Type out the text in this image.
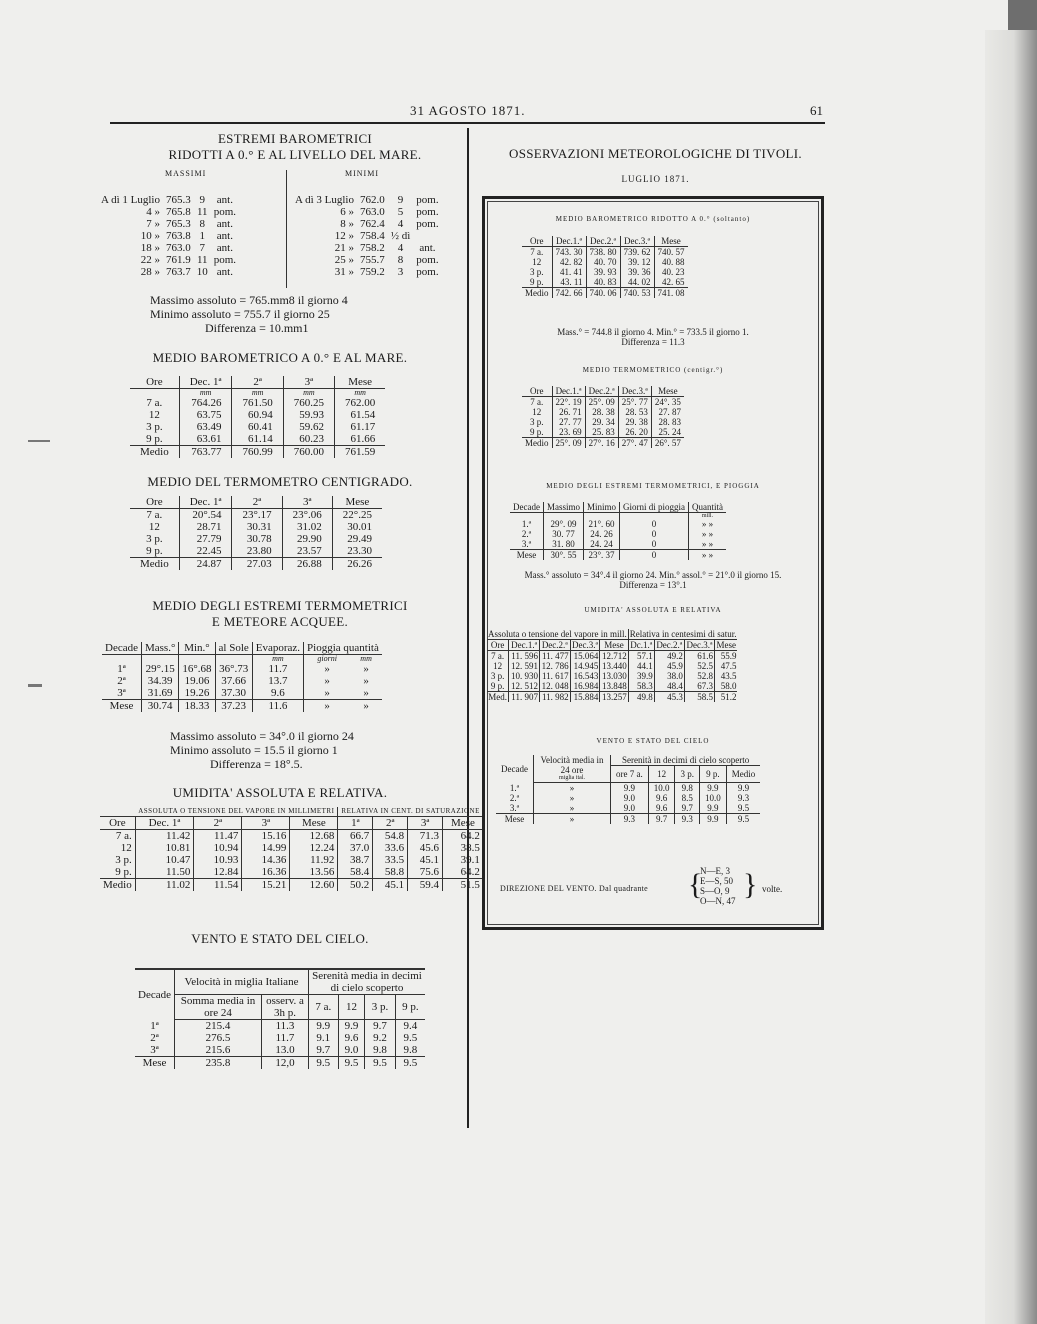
31 AGOSTO 1871.	61
ESTREMI BAROMETRICI
RIDOTTI A 0.° E AL LIVELLO DEL MARE.
MASSIMI	MINIMI
A dì 1 Luglio	765.3	9	ant.
4 »	765.8	11	pom.
7 »	765.3	8	ant.
10 »	763.8	1	ant.
18 »	763.0	7	ant.
22 »	761.9	11	pom.
28 »	763.7	10	ant.
A dì 3 Luglio	762.0	9	pom.
6 »	763.0	5	pom.
8 »	762.4	4	pom.
12 »	758.4	½ dì	
21 »	758.2	4	ant.
25 »	755.7	8	pom.
31 »	759.2	3	pom.
Massimo assoluto = 765.mm8 il giorno 4
Minimo assoluto = 755.7 il giorno 25
Differenza = 10.mm1
MEDIO BAROMETRICO A 0.° E AL MARE.
Ore	Dec. 1ª	2ª	3ª	Mese
	mm	mm	mm	mm
7 a.	764.26	761.50	760.25	762.00
12	63.75	60.94	59.93	61.54
3 p.	63.49	60.41	59.62	61.17
9 p.	63.61	61.14	60.23	61.66
Medio	763.77	760.99	760.00	761.59
MEDIO DEL TERMOMETRO CENTIGRADO.
Ore	Dec. 1ª	2ª	3ª	Mese
7 a.	20°.54	23°.17	23°.06	22°.25
12	28.71	30.31	31.02	30.01
3 p.	27.79	30.78	29.90	29.49
9 p.	22.45	23.80	23.57	23.30
Medio	24.87	27.03	26.88	26.26
MEDIO DEGLI ESTREMI TERMOMETRICI
E METEORE ACQUEE.
Decade	Mass.°	Min.°	al Sole	Evaporaz.	Pioggia quantità	
				mm	giorni	mm
1ª	29°.15	16°.68	36°.73	11.7	»	»
2ª	34.39	19.06	37.66	13.7	»	»
3ª	31.69	19.26	37.30	9.6	»	»
Mese	30.74	18.33	37.23	11.6	»	»
Massimo assoluto = 34°.0 il giorno 24
Minimo assoluto = 15.5 il giorno 1
Differenza = 18°.5.
UMIDITA' ASSOLUTA E RELATIVA.
	ASSOLUTA O TENSIONE DEL VAPORE IN MILLIMETRI				RELATIVA IN CENT. DI SATURAZIONE			
Ore	Dec. 1ª	2ª	3ª	Mese	1ª	2ª	3ª	Mese
7 a.	11.42	11.47	15.16	12.68	66.7	54.8	71.3	64.2
12	10.81	10.94	14.99	12.24	37.0	33.6	45.6	38.5
3 p.	10.47	10.93	14.36	11.92	38.7	33.5	45.1	39.1
9 p.	11.50	12.84	16.36	13.56	58.4	58.8	75.6	64.2
Medio	11.02	11.54	15.21	12.60	50.2	45.1	59.4	51.5
VENTO E STATO DEL CIELO.
Decade	Velocità in miglia Italiane		Serenità media in decimi di cielo scoperto			
	Somma media in ore 24	osserv. a 3h p.	7 a.	12	3 p.	9 p.

1ª	215.4	11.3	9.9	9.9	9.7	9.4
2ª	276.5	11.7	9.1	9.6	9.2	9.5
3ª	215.6	13.0	9.7	9.0	9.8	9.8
Mese	235.8	12,0	9.5	9.5	9.5	9.5
OSSERVAZIONI METEOROLOGICHE DI TIVOLI.
LUGLIO 1871.
MEDIO BAROMETRICO RIDOTTO A 0.° (soltanto)
Ore	Dec.1.ª	Dec.2.ª	Dec.3.ª	Mese
7 a.	743. 30	738. 80	739. 62	740. 57
12	42. 82	40. 70	39. 12	40. 88
3 p.	41. 41	39. 93	39. 36	40. 23
9 p.	43. 11	40. 83	44. 02	42. 65
Medio	742. 66	740. 06	740. 53	741. 08
Mass.° = 744.8 il giorno 4. Min.° = 733.5 il giorno 1.
Differenza = 11.3
MEDIO TERMOMETRICO (centigr.°)
Ore	Dec.1.ª	Dec.2.ª	Dec.3.ª	Mese
7 a.	22°. 19	25°. 09	25°. 77	24°. 35
12	26. 71	28. 38	28. 53	27. 87
3 p.	27. 77	29. 34	29. 38	28. 83
9 p.	23. 69	25. 83	26. 20	25. 24
Medio	25°. 09	27°. 16	27°. 47	26°. 57
MEDIO DEGLI ESTREMI TERMOMETRICI, E PIOGGIA
Decade	Massimo	Minimo	Giorni di pioggia	Quantità
				mill.
1.ª	29°. 09	21°. 60	0	» »
2.ª	30. 77	24. 26	0	» »
3.ª	31. 80	24. 24	0	» »
Mese	30°. 55	23°. 37	0	» »
Mass.° assoluto = 34°.4 il giorno 24. Min.° assol.° = 21°.0 il giorno 15.
Differenza = 13°.1
UMIDITA' ASSOLUTA E RELATIVA
Assoluta o tensione del vapore in mill.					Relativa in centesimi di satur.			
Ore	Dec.1.ª	Dec.2.ª	Dec.3.ª	Mese	Dc.1.ª	Dec.2.ª	Dec.3.ª	Mese
7 a.	11. 596	11. 477	15.064	12.712	57.1	49.2	61.6	55.9
12	12. 591	12. 786	14.945	13.440	44.1	45.9	52.5	47.5
3 p.	10. 930	11. 617	16.543	13.030	39.9	38.0	52.8	43.5
9 p.	12. 512	12. 048	16.984	13.848	58.3	48.4	67.3	58.0
Med.	11. 907	11. 982	15.884	13.257	49.8	45.3	58.5	51.2
VENTO E STATO DEL CIELO
Decade	Velocità media in 24 ore	Serenità in decimi di cielo scoperto				
		ore 7 a.	12	3 p.	9 p.	Medio
	miglia ital.					
1.ª	»	9.9	10.0	9.8	9.9	9.9
2.ª	»	9.0	9.6	8.5	10.0	9.3
3.ª	»	9.0	9.6	9.7	9.9	9.5
Mese	»	9.3	9.7	9.3	9.9	9.5
DIREZIONE DEL VENTO. Dal quadrante {
N—E, 3
E—S, 50
S—O, 9
O—N, 47 } volte.
